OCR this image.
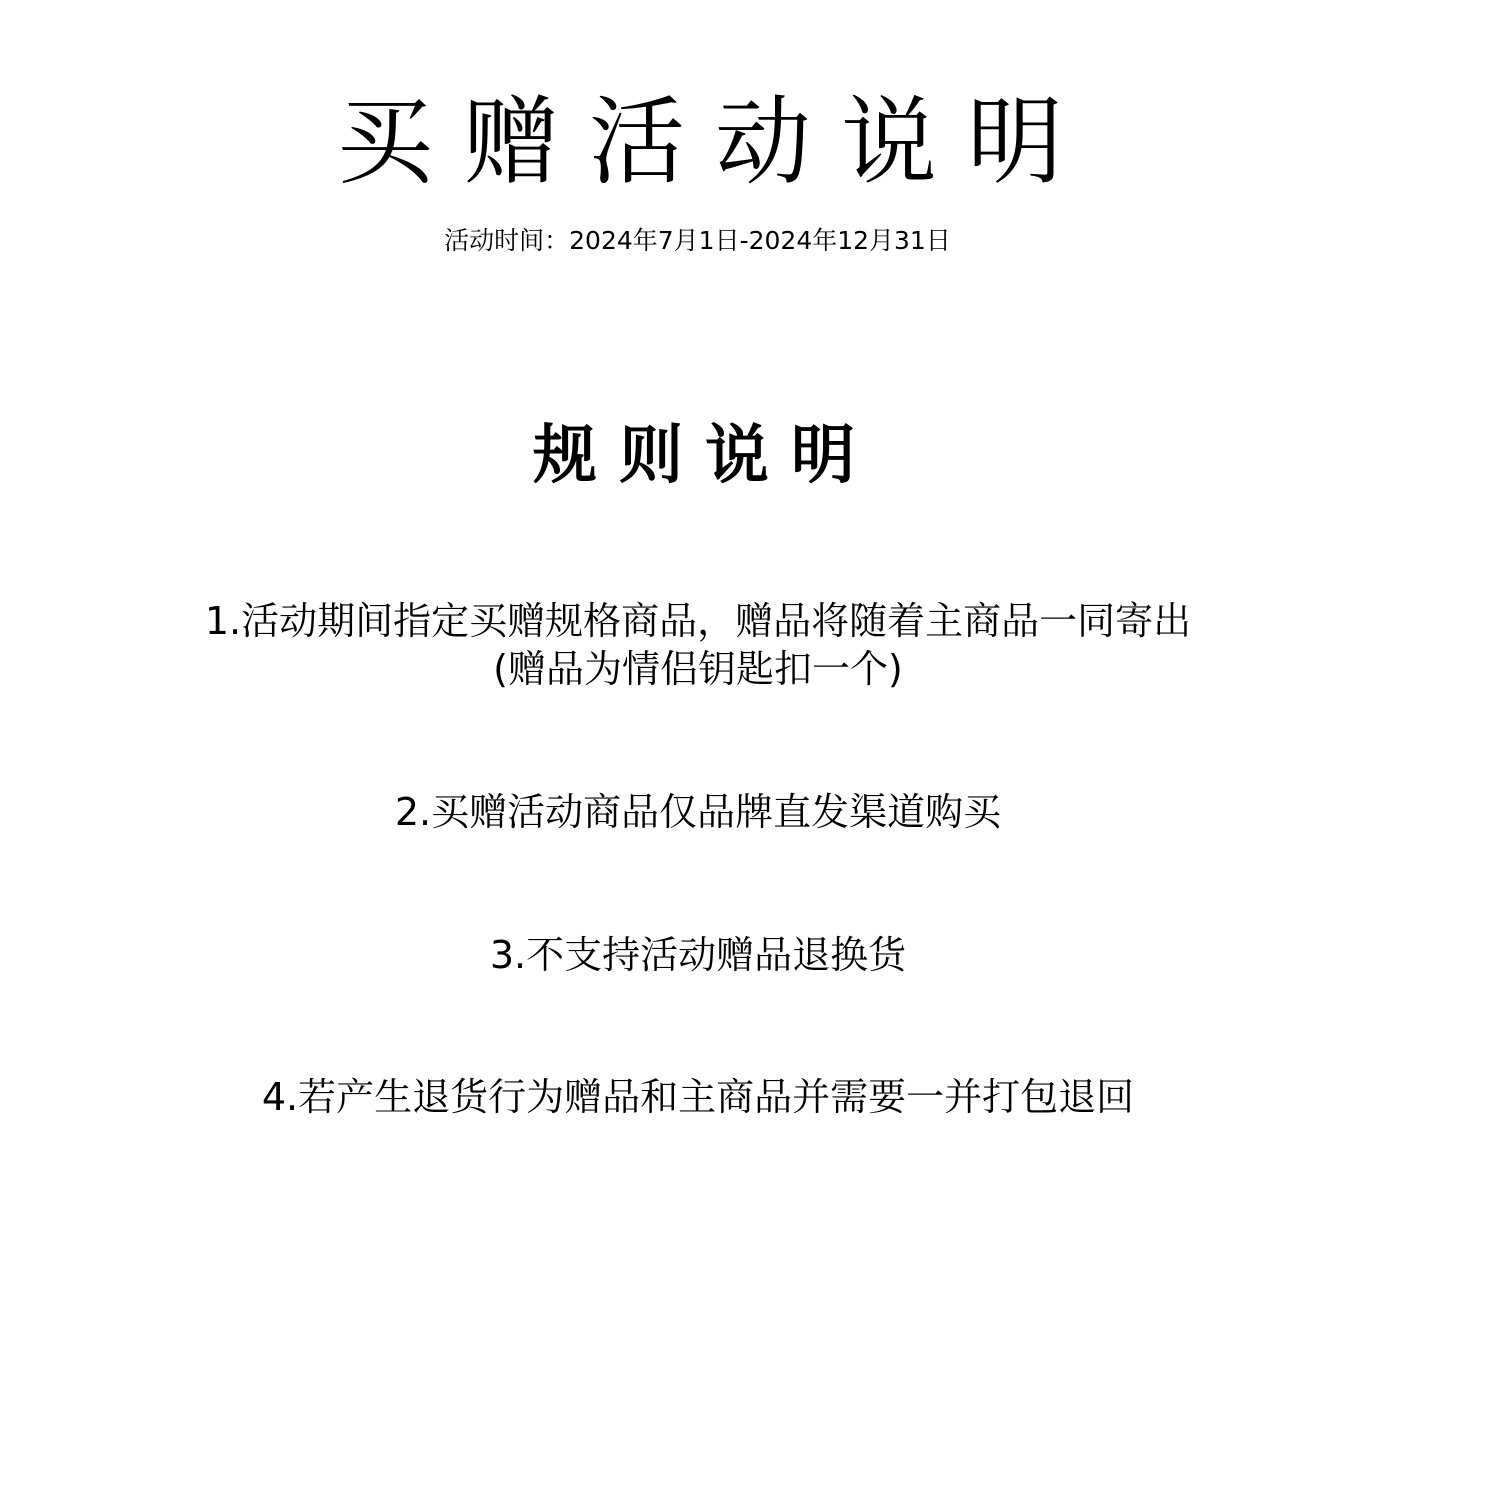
买赠活动说明
活动时间：2024年7月1日-2024年12月31日
规则说明
1.活动期间指定买赠规格商品，赠品将随着主商品一同寄出
(赠品为情侣钥匙扣一个)
2.买赠活动商品仅品牌直发渠道购买
3.不支持活动赠品退换货
4.若产生退货行为赠品和主商品并需要一并打包退回
